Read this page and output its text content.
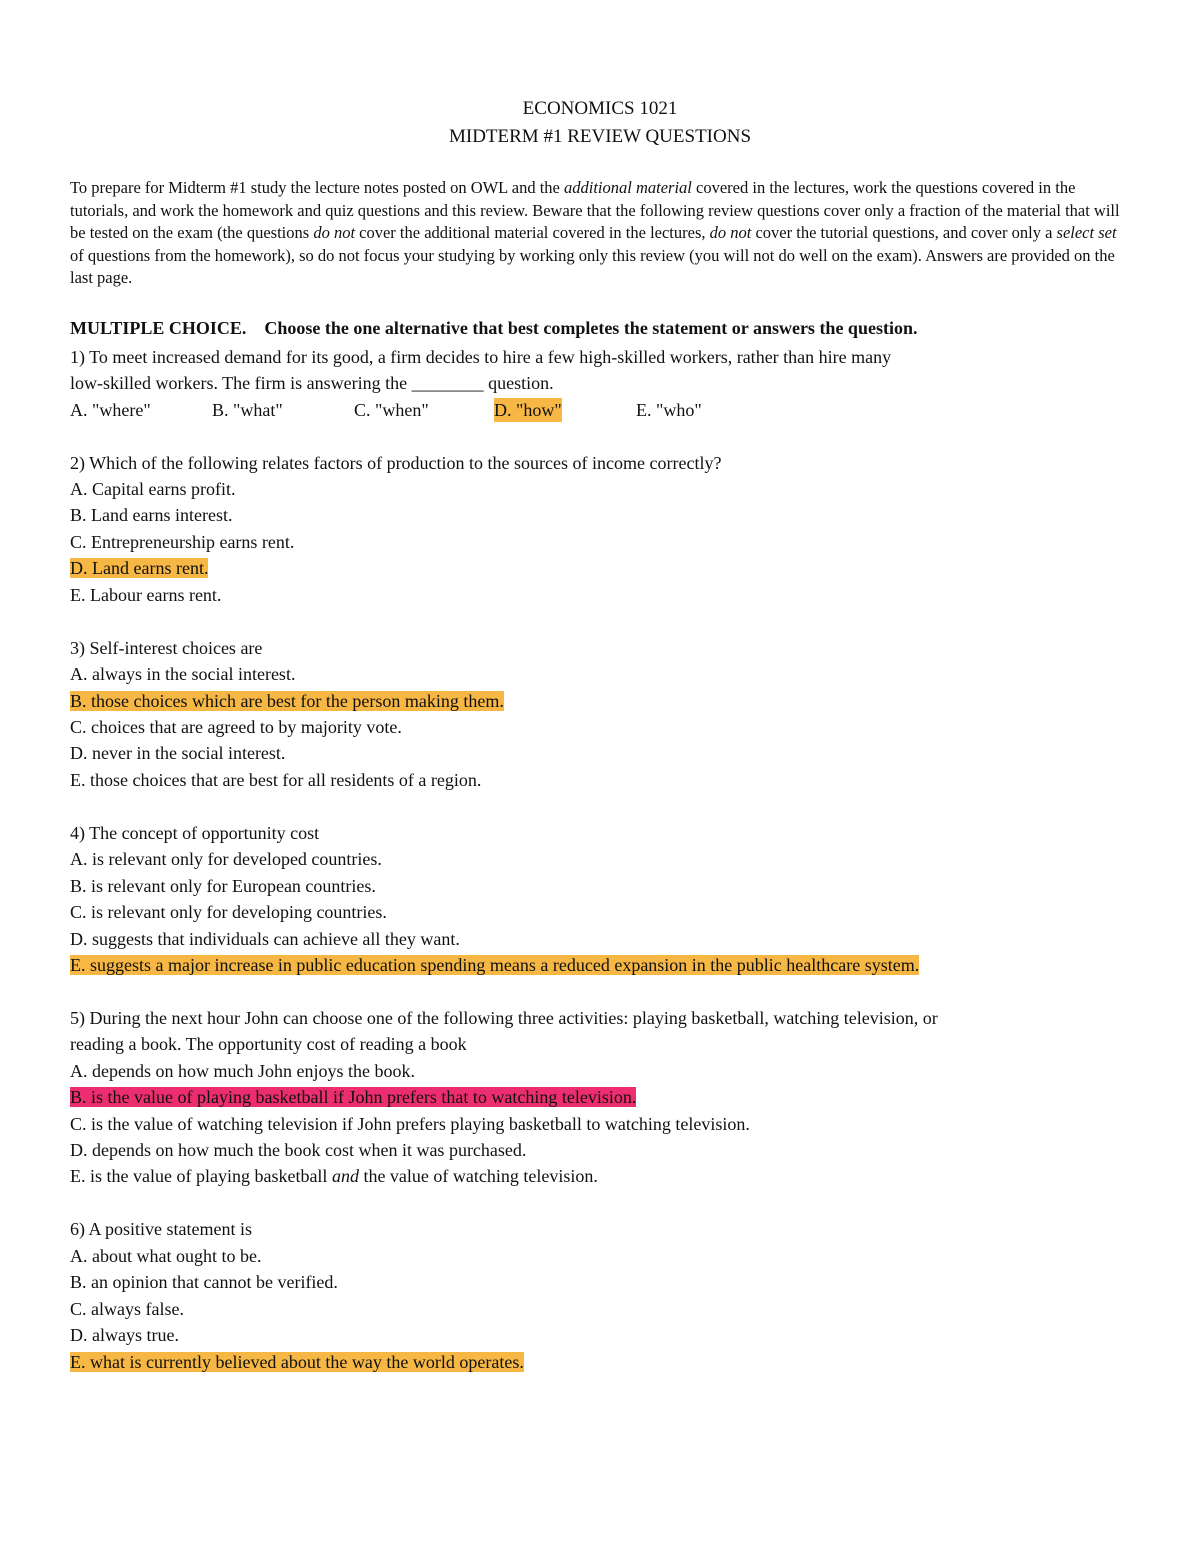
ECONOMICS 1021
MIDTERM #1 REVIEW QUESTIONS
To prepare for Midterm #1 study the lecture notes posted on OWL and the additional material covered in the lectures, work the questions covered in the tutorials, and work the homework and quiz questions and this review. Beware that the following review questions cover only a fraction of the material that will be tested on the exam (the questions do not cover the additional material covered in the lectures, do not cover the tutorial questions, and cover only a select set of questions from the homework), so do not focus your studying by working only this review (you will not do well on the exam). Answers are provided on the last page.
MULTIPLE CHOICE. Choose the one alternative that best completes the statement or answers the question.
1) To meet increased demand for its good, a firm decides to hire a few high-skilled workers, rather than hire many
low-skilled workers. The firm is answering the ________ question.
A. "where"	B. "what"	C. "when"	D. "how"	E. "who"
2) Which of the following relates factors of production to the sources of income correctly?
A. Capital earns profit.
B. Land earns interest.
C. Entrepreneurship earns rent.
D. Land earns rent.
E. Labour earns rent.
3) Self-interest choices are
A. always in the social interest.
B. those choices which are best for the person making them.
C. choices that are agreed to by majority vote.
D. never in the social interest.
E. those choices that are best for all residents of a region.
4) The concept of opportunity cost
A. is relevant only for developed countries.
B. is relevant only for European countries.
C. is relevant only for developing countries.
D. suggests that individuals can achieve all they want.
E. suggests a major increase in public education spending means a reduced expansion in the public healthcare system.
5) During the next hour John can choose one of the following three activities: playing basketball, watching television, or
reading a book. The opportunity cost of reading a book
A. depends on how much John enjoys the book.
B. is the value of playing basketball if John prefers that to watching television.
C. is the value of watching television if John prefers playing basketball to watching television.
D. depends on how much the book cost when it was purchased.
E. is the value of playing basketball and the value of watching television.
6) A positive statement is
A. about what ought to be.
B. an opinion that cannot be verified.
C. always false.
D. always true.
E. what is currently believed about the way the world operates.
